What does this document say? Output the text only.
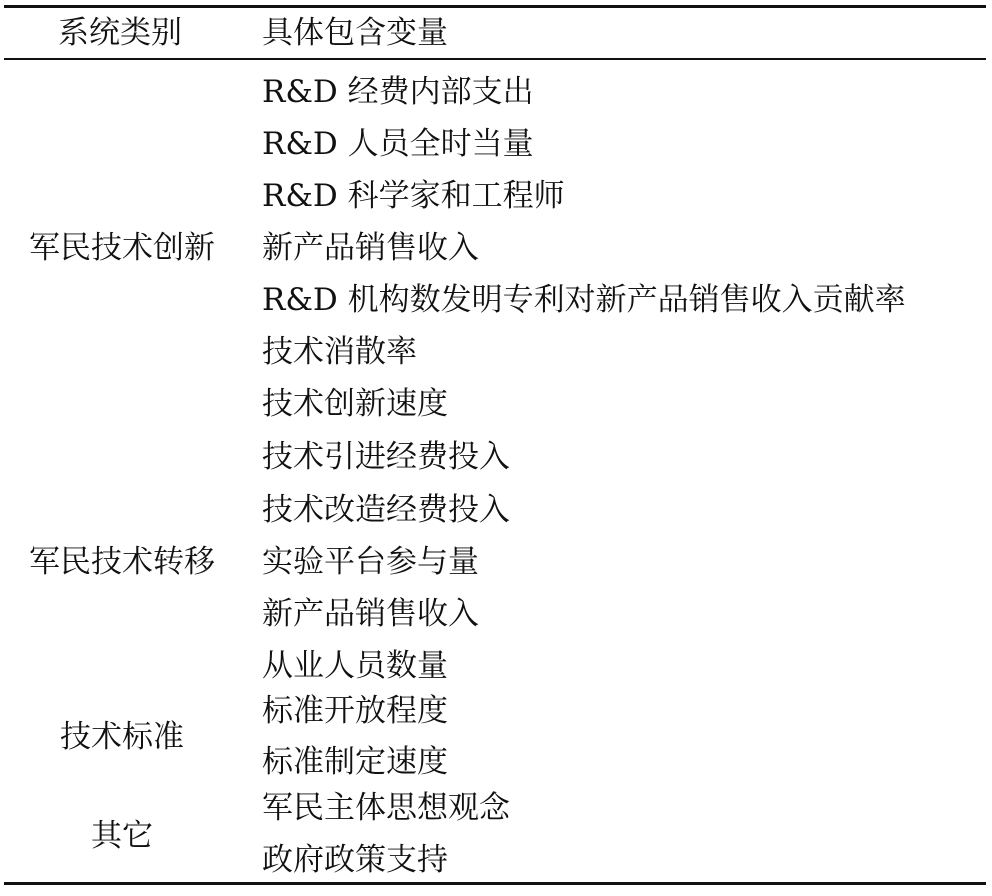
系统类别	具体包含变量
军民技术创新
R&D 经费内部支出
R&D 人员全时当量
R&D 科学家和工程师
新产品销售收入
R&D 机构数发明专利对新产品销售收入贡献率
技术消散率
技术创新速度
军民技术转移
技术引进经费投入
技术改造经费投入
实验平台参与量
新产品销售收入
从业人员数量
技术标准
标准开放程度
标准制定速度
其它
军民主体思想观念
政府政策支持
